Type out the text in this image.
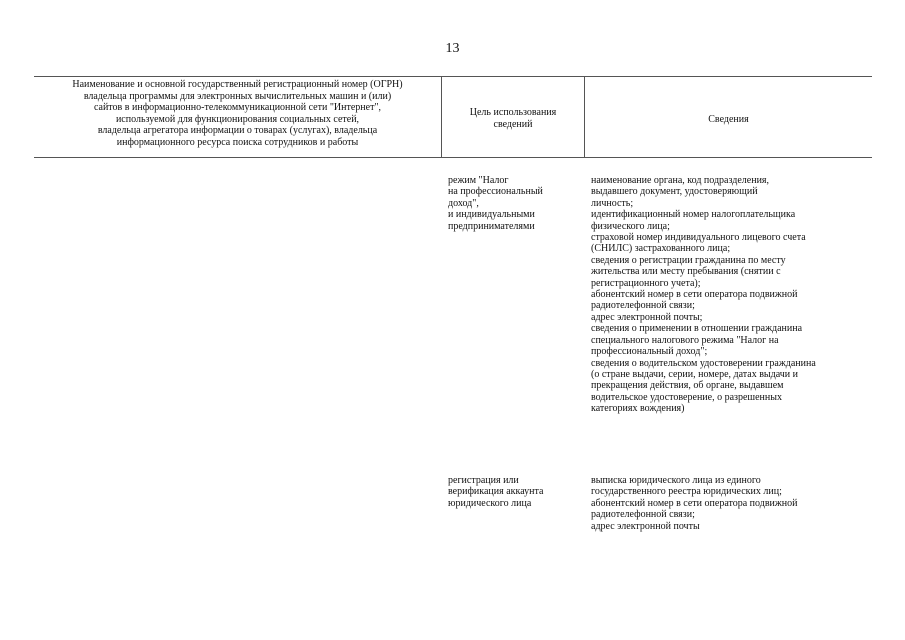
13
Наименование и основной государственный регистрационный номер (ОГРН)
владельца программы для электронных вычислительных машин и (или)
сайтов в информационно-телекоммуникационной сети "Интернет",
используемой для функционирования социальных сетей,
владельца агрегатора информации о товарах (услугах), владельца
информационного ресурса поиска сотрудников и работы
Цель использования
сведений	Сведения
режим "Налог
на профессиональный
доход",
и индивидуальными
предпринимателями
наименование органа, код подразделения,
выдавшего документ, удостоверяющий
личность;
идентификационный номер налогоплательщика
физического лица;
страховой номер индивидуального лицевого счета
(СНИЛС) застрахованного лица;
сведения о регистрации гражданина по месту
жительства или месту пребывания (снятии с
регистрационного учета);
абонентский номер в сети оператора подвижной
радиотелефонной связи;
адрес электронной почты;
сведения о применении в отношении гражданина
специального налогового режима "Налог на
профессиональный доход";
сведения о водительском удостоверении гражданина
(о стране выдачи, серии, номере, датах выдачи и
прекращения действия, об органе, выдавшем
водительское удостоверение, о разрешенных
категориях вождения)
регистрация или
верификация аккаунта
юридического лица
выписка юридического лица из единого
государственного реестра юридических лиц;
абонентский номер в сети оператора подвижной
радиотелефонной связи;
адрес электронной почты
